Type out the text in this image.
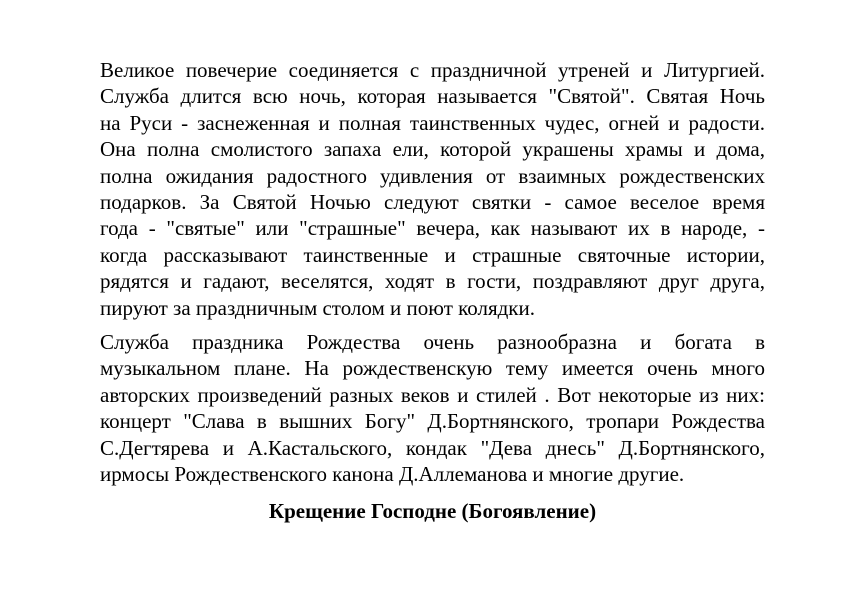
Великое повечерие соединяется с праздничной утреней и Литургией.
Служба длится всю ночь, которая называется "Святой". Святая Ночь
на Руси - заснеженная и полная таинственных чудес, огней и радости.
Она полна смолистого запаха ели, которой украшены храмы и дома,
полна ожидания радостного удивления от взаимных рождественских
подарков. За Святой Ночью следуют святки - самое веселое время
года - "святые" или "страшные" вечера, как называют их в народе, -
когда рассказывают таинственные и страшные святочные истории,
рядятся и гадают, веселятся, ходят в гости, поздравляют друг друга,
пируют за праздничным столом и поют колядки.
Служба праздника Рождества очень разнообразна и богата в
музыкальном плане. На рождественскую тему имеется очень много
авторских произведений разных веков и стилей . Вот некоторые из них:
концерт "Слава в вышних Богу" Д.Бортнянского, тропари Рождества
С.Дегтярева и А.Кастальского, кондак "Дева днесь" Д.Бортнянского,
ирмосы Рождественского канона Д.Аллеманова и многие другие.
Крещение Господне (Богоявление)
